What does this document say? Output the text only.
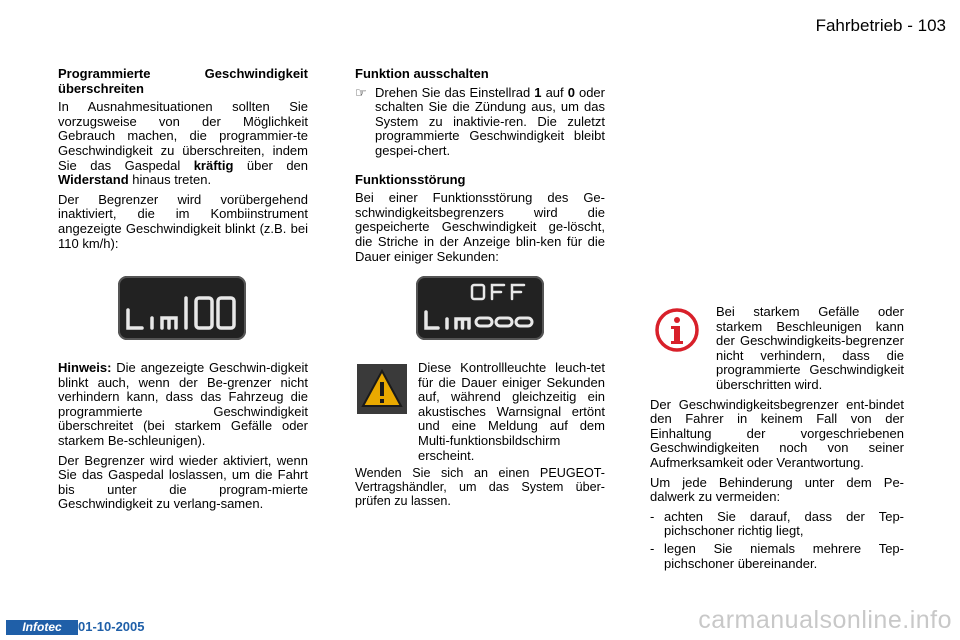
Fahrbetrieb - 103
Programmierte Geschwindigkeit überschreiten

In Ausnahmesituationen sollten Sie vorzugsweise von der Möglichkeit Gebrauch machen, die programmier-te Geschwindigkeit zu überschreiten, indem Sie das Gaspedal kräftig über den Widerstand hinaus treten.

Der Begrenzer wird vorübergehend inaktiviert, die im Kombiinstrument angezeigte Geschwindigkeit blinkt (z.B. bei 110 km/h):

Hinweis: Die angezeigte Geschwin-digkeit blinkt auch, wenn der Be-grenzer nicht verhindern kann, dass das Fahrzeug die programmierte Geschwindigkeit überschreitet (bei starkem Gefälle oder starkem Be-schleunigen).

Der Begrenzer wird wieder aktiviert, wenn Sie das Gaspedal loslassen, um die Fahrt bis unter die program-mierte Geschwindigkeit zu verlang-samen.

Funktion ausschalten
☞ Drehen Sie das Einstellrad 1 auf 0 oder schalten Sie die Zündung aus, um das System zu inaktivie-ren. Die zuletzt programmierte Geschwindigkeit bleibt gespei-chert.
Funktionsstörung

Bei einer Funktionsstörung des Ge-schwindigkeitsbegrenzers wird die gespeicherte Geschwindigkeit ge-löscht, die Striche in der Anzeige blin-ken für die Dauer einiger Sekunden:

Diese Kontrollleuchte leuch-tet für die Dauer einiger Sekunden auf, während gleichzeitig ein akustisches Warnsignal ertönt und eine Meldung auf dem Multi-funktionsbildschirm erscheint.

Wenden Sie sich an einen PEUGEOT-Vertragshändler, um das System über-prüfen zu lassen.

Bei starkem Gefälle oder starkem Beschleunigen kann der Geschwindigkeits-begrenzer nicht verhindern, dass die programmierte Geschwindigkeit überschritten wird.

Der Geschwindigkeitsbegrenzer ent-bindet den Fahrer in keinem Fall von der Einhaltung der vorgeschriebenen Geschwindigkeiten noch von seiner Aufmerksamkeit oder Verantwortung.

Um jede Behinderung unter dem Pe-dalwerk zu vermeiden:

- achten Sie darauf, dass der Tep-pichschoner richtig liegt,
- legen Sie niemals mehrere Tep-pichschoner übereinander.
Infotec	01-10-2005	carmanualsonline.info
